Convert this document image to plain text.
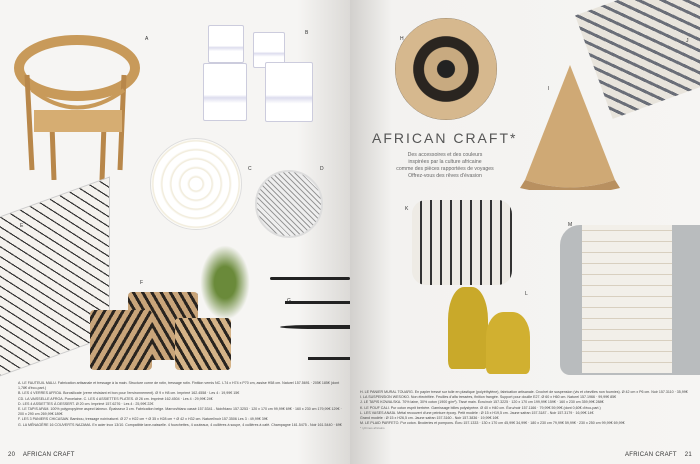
A
B
C	D
E
F
G

A. LE FAUTEUIL MALU. Fabrication artisanale et tressage à la main. Structure corne de rotin, tressage rotin. Finition vernis NC. L74 x H74 x P70 cm, assise H58 cm. Naturel 157.5691 · 205€ 185€ (dont 1,78€ d'éco-part.)

B. LES 4 VERRES AFROA. Borosilicate (verre résistant et bon pour l'environnement). Ø 9 x H8 cm. Imprimé 162.4558 · Les 4 : 19,99€ 15€

CD. LA VAISSELLE AFROA. Porcelaine. C. LES 4 ASSIETTES PLATES. Ø 26 cm. Imprimé 162.4504 · Les 4 : 29,99€ 24€

D. LES 4 ASSIETTES À DESSERT. Ø 20 cm. Imprimé 157.6276 · Les 4 : 25,99€ 22€

E. LE TAPIS AFAM. 100% polypropylène aspect laineux. Épaisseur 3 cm. Fabrication belge. Marron/blanc cassé 157.5341 - Noir/blanc 157.3253 · 120 x 170 cm 99,99€ 69€ · 160 x 230 cm 179,99€ 129€ · 200 x 290 cm 269,99€ 189€

F. LES 3 PANIERS CHICASAW. Bambou, tressage noir/naturel. Ø 27 x H22 cm + Ø 35 x H28 cm + Ø 42 x H32 cm. Naturel/noir 157.3506 Les 3 : 49,99€ 39€

G. LA MÉNAGÈRE 16 COUVERTS NAZAMA. En acier inox 13/10. Compatible lave-vaisselle. 4 fourchettes, 4 couteaux, 4 cuillères à soupe, 4 cuillères à café. Champagne 161.5475 - Noir 161.5440 · 69€

20 AFRICAN CRAFT
H
I
J
AFRICAN CRAFT*
Des accessoires et des couleurs
inspirées par la culture africaine
comme des pièces rapportées de voyages
Offrez-vous des rêves d'évasion
K
L
M

H. LE PANIER MURAL TOUARG. En papier tressé sur tulle en plastique (polyéthylène), fabrication artisanale. Crochet de suspension (vis et chevilles non fournies). Ø 42 cm x P6 cm. Noir 157.3110 · 35,99€

I. LA SUSPENSION WESOKO. Non électrifiée. Feuilles d'alfa tressées, finition frangée. Support pour douille E27. Ø 60 x H60 cm. Naturel 157.1966 · 99,99€ 85€

J. LE TAPIS KOWALSKA. 70% laine, 30% coton (1900 g/m²). Tissé main. Écru/noir 157.3225 · 120 x 170 cm 199,99€ 159€ · 160 x 230 cm 359,99€ 288€

K. LE POUF CALI. Pur coton esprit berbère. Garnissage billes polystyrène. Ø 40 x H40 cm. Écru/noir 157.1166 · 79,99€ 59,99€ (dont 0,60€ d'éco-part.)

L. LES VASES ANAÏA. Métal recouvert d'une peinture époxy. Petit modèle : Ø 15 x H19,5 cm. Jaune safran 157.3187 - Noir 157.3179 · 16,99€ 14€

Grand modèle : Ø 15 x H26,5 cm. Jaune safran 157.3160 - Noir 157.3836 · 19,99€ 16€

M. LE PLAID PARFETO. Pur coton. Broderies et pompons. Écru 157.1333 · 130 x 170 cm 45,99€ 34,99€ · 180 x 230 cm 79,99€ 59,99€ · 230 x 250 cm 99,99€ 69,99€

* rythmes africains

AFRICAN CRAFT 21
